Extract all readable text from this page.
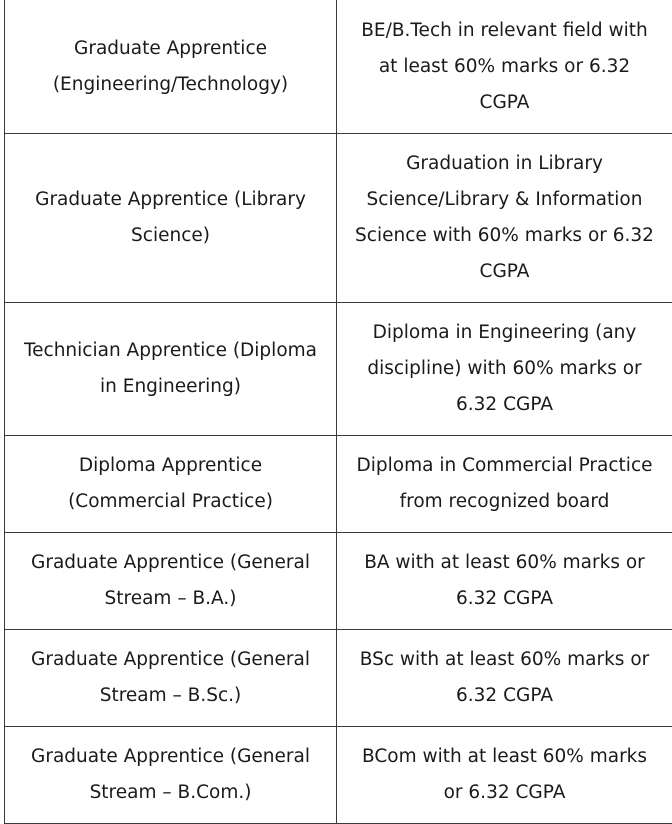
Graduate Apprentice (Engineering/Technology)	BE/B.Tech in relevant field with at least 60% marks or 6.32 CGPA
Graduate Apprentice (Library Science)	Graduation in Library Science/Library & Information Science with 60% marks or 6.32 CGPA
Technician Apprentice (Diploma in Engineering)	Diploma in Engineering (any discipline) with 60% marks or 6.32 CGPA
Diploma Apprentice (Commercial Practice)	Diploma in Commercial Practice from recognized board
Graduate Apprentice (General Stream – B.A.)	BA with at least 60% marks or 6.32 CGPA
Graduate Apprentice (General Stream – B.Sc.)	BSc with at least 60% marks or 6.32 CGPA
Graduate Apprentice (General Stream – B.Com.)	BCom with at least 60% marks or 6.32 CGPA
